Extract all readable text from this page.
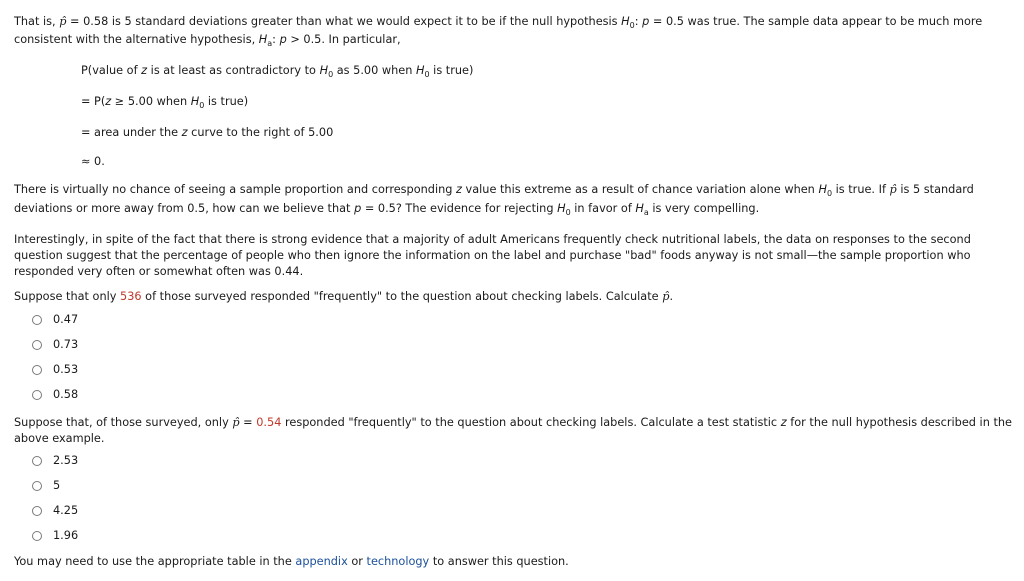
That is, p̂ = 0.58 is 5 standard deviations greater than what we would expect it to be if the null hypothesis $H_0$: p = 0.5 was true. The sample data appear to be much more
consistent with the alternative hypothesis, $H_a$: p > 0.5. In particular,
P(value of z is at least as contradictory to $H_0$ as 5.00 when $H_0$ is true)
= P(z ≥ 5.00 when $H_0$ is true)
= area under the z curve to the right of 5.00
≈ 0.
There is virtually no chance of seeing a sample proportion and corresponding z value this extreme as a result of chance variation alone when $H_0$ is true. If p̂ is 5 standard
deviations or more away from 0.5, how can we believe that p = 0.5? The evidence for rejecting $H_0$ in favor of $H_a$ is very compelling.
Interestingly, in spite of the fact that there is strong evidence that a majority of adult Americans frequently check nutritional labels, the data on responses to the second
question suggest that the percentage of people who then ignore the information on the label and purchase "bad" foods anyway is not small—the sample proportion who
responded very often or somewhat often was 0.44.
Suppose that only 536 of those surveyed responded "frequently" to the question about checking labels. Calculate p̂.
0.47
0.73
0.53
0.58
Suppose that, of those surveyed, only p̂ = 0.54 responded "frequently" to the question about checking labels. Calculate a test statistic z for the null hypothesis described in the
above example.
2.53
5
4.25
1.96
You may need to use the appropriate table in the appendix or technology to answer this question.
